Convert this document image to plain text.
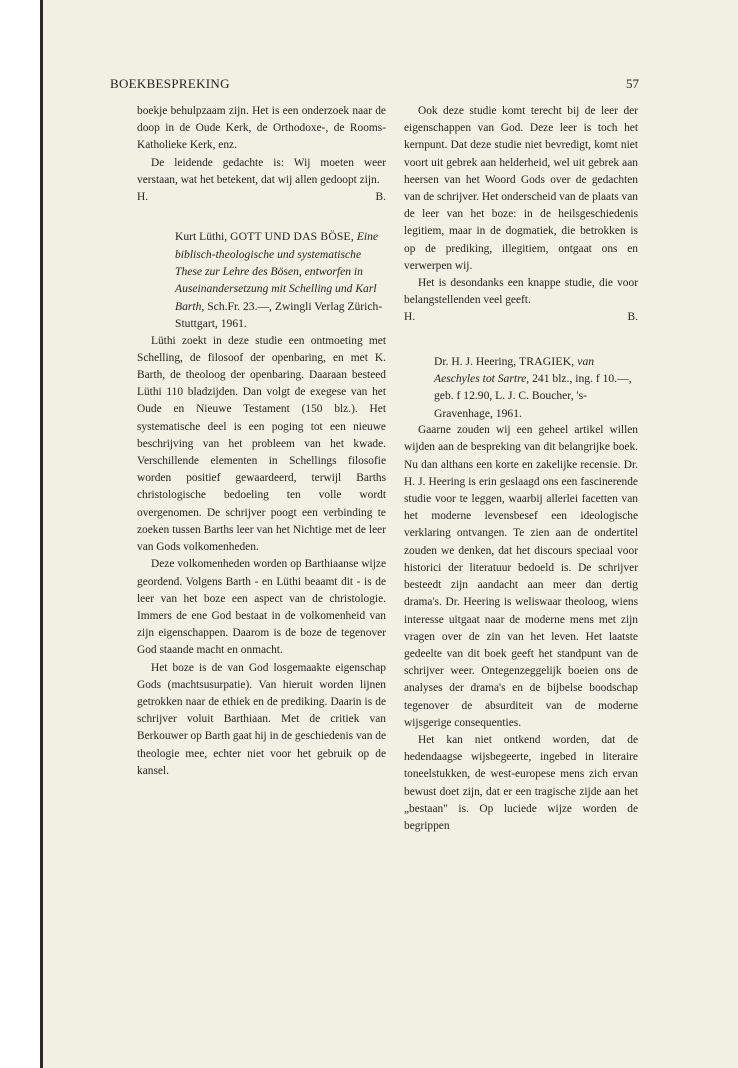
BOEKBESPREKING	57

boekje behulpzaam zijn. Het is een onderzoek naar de doop in de Oude Kerk, de Orthodoxe-, de Rooms-Katholieke Kerk, enz.

De leidende gedachte is: Wij moeten weer verstaan, wat het betekent, dat wij allen gedoopt zijn.

H.	B.
Kurt Lüthi, GOTT UND DAS BÖSE, Eine biblisch-theologische und systematische These zur Lehre des Bösen, entworfen in Auseinandersetzung mit Schelling und Karl Barth, Sch.Fr. 23.—, Zwingli Verlag Zürich-Stuttgart, 1961.

Lüthi zoekt in deze studie een ontmoeting met Schelling, de filosoof der openbaring, en met K. Barth, de theoloog der openbaring. Daaraan besteed Lüthi 110 bladzijden. Dan volgt de exegese van het Oude en Nieuwe Testament (150 blz.). Het systematische deel is een poging tot een nieuwe beschrijving van het probleem van het kwade. Verschillende elementen in Schellings filosofie worden positief gewaardeerd, terwijl Barths christologische bedoeling ten volle wordt overgenomen. De schrijver poogt een verbinding te zoeken tussen Barths leer van het Nichtige met de leer van Gods volkomenheden.

Deze volkomenheden worden op Barthiaanse wijze geordend. Volgens Barth - en Lüthi beaamt dit - is de leer van het boze een aspect van de christologie. Immers de ene God bestaat in de volkomenheid van zijn eigenschappen. Daarom is de boze de tegenover God staande macht en onmacht.

Het boze is de van God losgemaakte eigenschap Gods (machtsusurpatie). Van hieruit worden lijnen getrokken naar de ethiek en de prediking. Daarin is de schrijver voluit Barthiaan. Met de critiek van Berkouwer op Barth gaat hij in de geschiedenis van de theologie mee, echter niet voor het gebruik op de kansel.

Ook deze studie komt terecht bij de leer der eigenschappen van God. Deze leer is toch het kernpunt. Dat deze studie niet bevredigt, komt niet voort uit gebrek aan helderheid, wel uit gebrek aan heersen van het Woord Gods over de gedachten van de schrijver. Het onderscheid van de plaats van de leer van het boze: in de heilsgeschiedenis legitiem, maar in de dogmatiek, die betrokken is op de prediking, illegitiem, ontgaat ons en verwerpen wij.

Het is desondanks een knappe studie, die voor belangstellenden veel geeft.

H.	B.
Dr. H. J. Heering, TRAGIEK, van Aeschyles tot Sartre, 241 blz., ing. f 10.—, geb. f 12.90, L. J. C. Boucher, 's-Gravenhage, 1961.

Gaarne zouden wij een geheel artikel willen wijden aan de bespreking van dit belangrijke boek. Nu dan althans een korte en zakelijke recensie. Dr. H. J. Heering is erin geslaagd ons een fascinerende studie voor te leggen, waarbij allerlei facetten van het moderne levensbesef een ideologische verklaring ontvangen. Te zien aan de ondertitel zouden we denken, dat het discours speciaal voor historici der literatuur bedoeld is. De schrijver besteedt zijn aandacht aan meer dan dertig drama's. Dr. Heering is weliswaar theoloog, wiens interesse uitgaat naar de moderne mens met zijn vragen over de zin van het leven. Het laatste gedeelte van dit boek geeft het standpunt van de schrijver weer. Ontegenzeggelijk boeien ons de analyses der drama's en de bijbelse boodschap tegenover de absurditeit van de moderne wijsgerige consequenties.

Het kan niet ontkend worden, dat de hedendaagse wijsbegeerte, ingebed in literaire toneelstukken, de west-europese mens zich ervan bewust doet zijn, dat er een tragische zijde aan het „bestaan" is. Op luciede wijze worden de begrippen
